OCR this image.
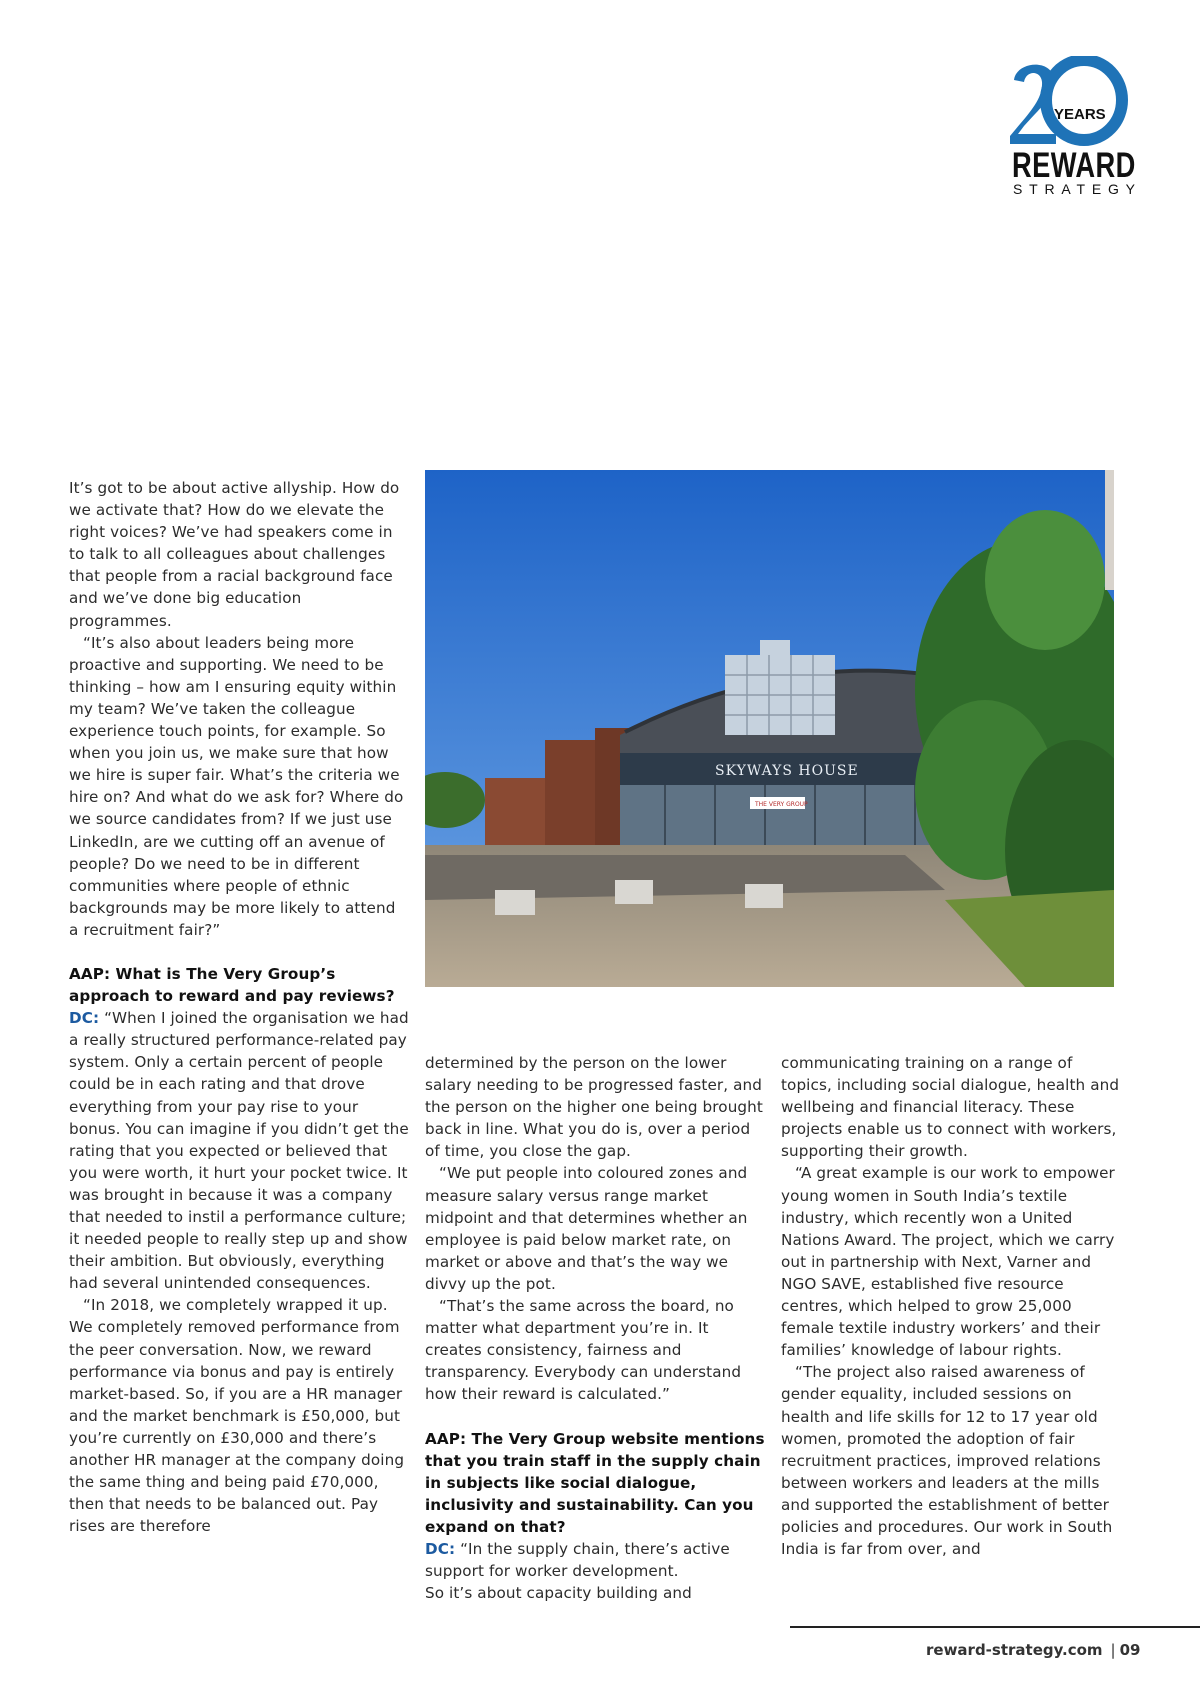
YEARS
REWARD
STRATEGY
SKYWAYS HOUSE
THE VERY GROUP

It’s got to be about active allyship. How do we activate that? How do we elevate the right voices? We’ve had speakers come in to talk to all colleagues about challenges that people from a racial background face and we’ve done big education programmes.

“It’s also about leaders being more proactive and supporting. We need to be thinking – how am I ensuring equity within my team? We’ve taken the colleague experience touch points, for example. So when you join us, we make sure that how we hire is super fair. What’s the criteria we hire on? And what do we ask for? Where do we source candidates from? If we just use LinkedIn, are we cutting off an avenue of people? Do we need to be in different communities where people of ethnic backgrounds may be more likely to attend a recruitment fair?”

AAP: What is The Very Group’s approach to reward and pay reviews?

DC: “When I joined the organisation we had a really structured performance-related pay system. Only a certain percent of people could be in each rating and that drove everything from your pay rise to your bonus. You can imagine if you didn’t get the rating that you expected or believed that you were worth, it hurt your pocket twice. It was brought in because it was a company that needed to instil a performance culture; it needed people to really step up and show their ambition. But obviously, everything had several unintended consequences.

“In 2018, we completely wrapped it up. We completely removed performance from the peer conversation. Now, we reward performance via bonus and pay is entirely market-based. So, if you are a HR manager and the market benchmark is £50,000, but you’re currently on £30,000 and there’s another HR manager at the company doing the same thing and being paid £70,000, then that needs to be balanced out. Pay rises are therefore

determined by the person on the lower salary needing to be progressed faster, and the person on the higher one being brought back in line. What you do is, over a period of time, you close the gap.

“We put people into coloured zones and measure salary versus range market midpoint and that determines whether an employee is paid below market rate, on market or above and that’s the way we divvy up the pot.

“That’s the same across the board, no matter what department you’re in. It creates consistency, fairness and transparency. Everybody can understand how their reward is calculated.”

AAP: The Very Group website mentions that you train staff in the supply chain in subjects like social dialogue, inclusivity and sustainability. Can you expand on that?

DC: “In the supply chain, there’s active support for worker development.

So it’s about capacity building and

communicating training on a range of topics, including social dialogue, health and wellbeing and financial literacy. These projects enable us to connect with workers, supporting their growth.

“A great example is our work to empower young women in South India’s textile industry, which recently won a United Nations Award. The project, which we carry out in partnership with Next, Varner and NGO SAVE, established five resource centres, which helped to grow 25,000 female textile industry workers’ and their families’ knowledge of labour rights.

“The project also raised awareness of gender equality, included sessions on health and life skills for 12 to 17 year old women, promoted the adoption of fair recruitment practices, improved relations between workers and leaders at the mills and supported the establishment of better policies and procedures. Our work in South India is far from over, and

reward-strategy.com | 09
